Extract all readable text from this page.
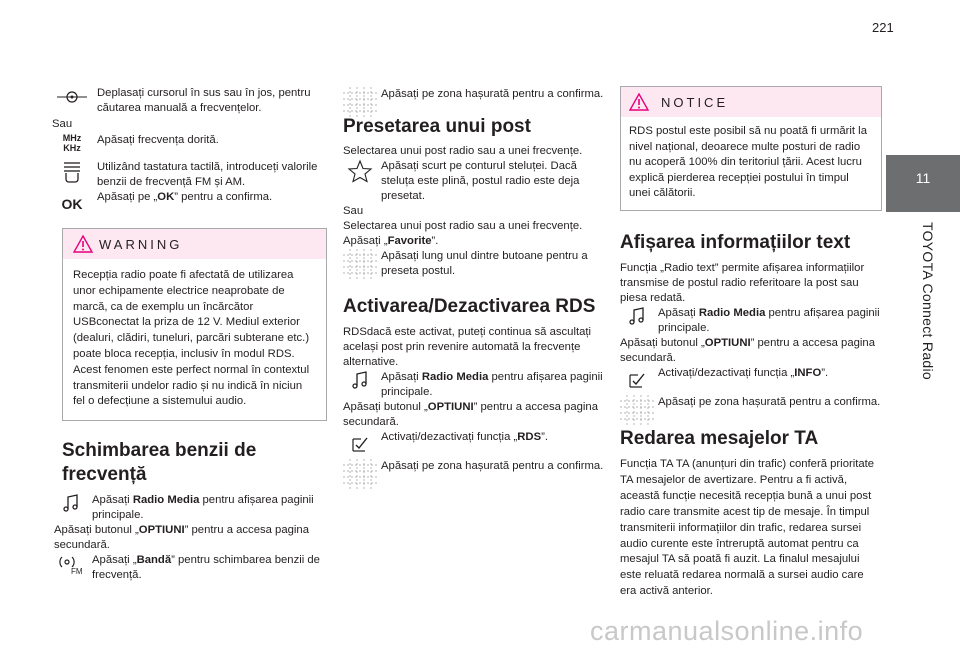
221
11
TOYOTA Connect Radio

Deplasați cursorul în sus sau în jos, pentru căutarea manuală a frecvențelor.

Sau

MHz
KHz

Apăsați frecvența dorită.

Utilizând tastatura tactilă, introduceți valorile benzii de frecvență FM și AM.

OK	Apăsați pe „OK” pentru a confirma.

WARNING

Recepția radio poate fi afectată de utilizarea unor echipamente electrice neaprobate de marcă, ca de exemplu un încărcător USBconectat la priza de 12 V. Mediul exterior (dealuri, clădiri, tuneluri, parcări subterane etc.) poate bloca recepția, inclusiv în modul RDS. Acest fenomen este perfect normal în contextul transmiterii undelor radio și nu indică în niciun fel o defecțiune a sistemului audio.

Schimbarea benzii de frecvență

Apăsați Radio Media pentru afișarea paginii principale.

Apăsați butonul „OPTIUNI” pentru a accesa pagina secundară.

FM

Apăsați „Bandă” pentru schimbarea benzii de frecvență.

Apăsați pe zona hașurată pentru a confirma.

Presetarea unui post

Selectarea unui post radio sau a unei frecvențe.

Apăsați scurt pe conturul steluței. Dacă steluța este plină, postul radio este deja presetat.

Sau

Selectarea unui post radio sau a unei frecvențe.

Apăsați „Favorite”.

Apăsați lung unul dintre butoane pentru a preseta postul.

Activarea/Dezactivarea RDS

RDSdacă este activat, puteți continua să ascultați același post prin revenire automată la frecvențe alternative.

Apăsați Radio Media pentru afișarea paginii principale.

Apăsați butonul „OPTIUNI” pentru a accesa pagina secundară.

Activați/dezactivați funcția „RDS”.

Apăsați pe zona hașurată pentru a confirma.

NOTICE

RDS postul este posibil să nu poată fi urmărit la nivel național, deoarece multe posturi de radio nu acoperă 100% din teritoriul țării. Acest lucru explică pierderea recepției postului în timpul unei călătorii.

Afișarea informațiilor text

Funcția „Radio text” permite afișarea informațiilor transmise de postul radio referitoare la post sau piesa redată.

Apăsați Radio Media pentru afișarea paginii principale.

Apăsați butonul „OPTIUNI” pentru a accesa pagina secundară.

Activați/dezactivați funcția „INFO”.

Apăsați pe zona hașurată pentru a confirma.

Redarea mesajelor TA

Funcția TA TA (anunțuri din trafic) conferă prioritate TA mesajelor de avertizare. Pentru a fi activă, această funcție necesită recepția bună a unui post radio care transmite acest tip de mesaje. În timpul transmiterii informațiilor din trafic, redarea sursei audio curente este întreruptă automat pentru ca mesajul TA să poată fi auzit. La finalul mesajului este reluată redarea normală a sursei audio care era activă anterior.

carmanualsonline.info
